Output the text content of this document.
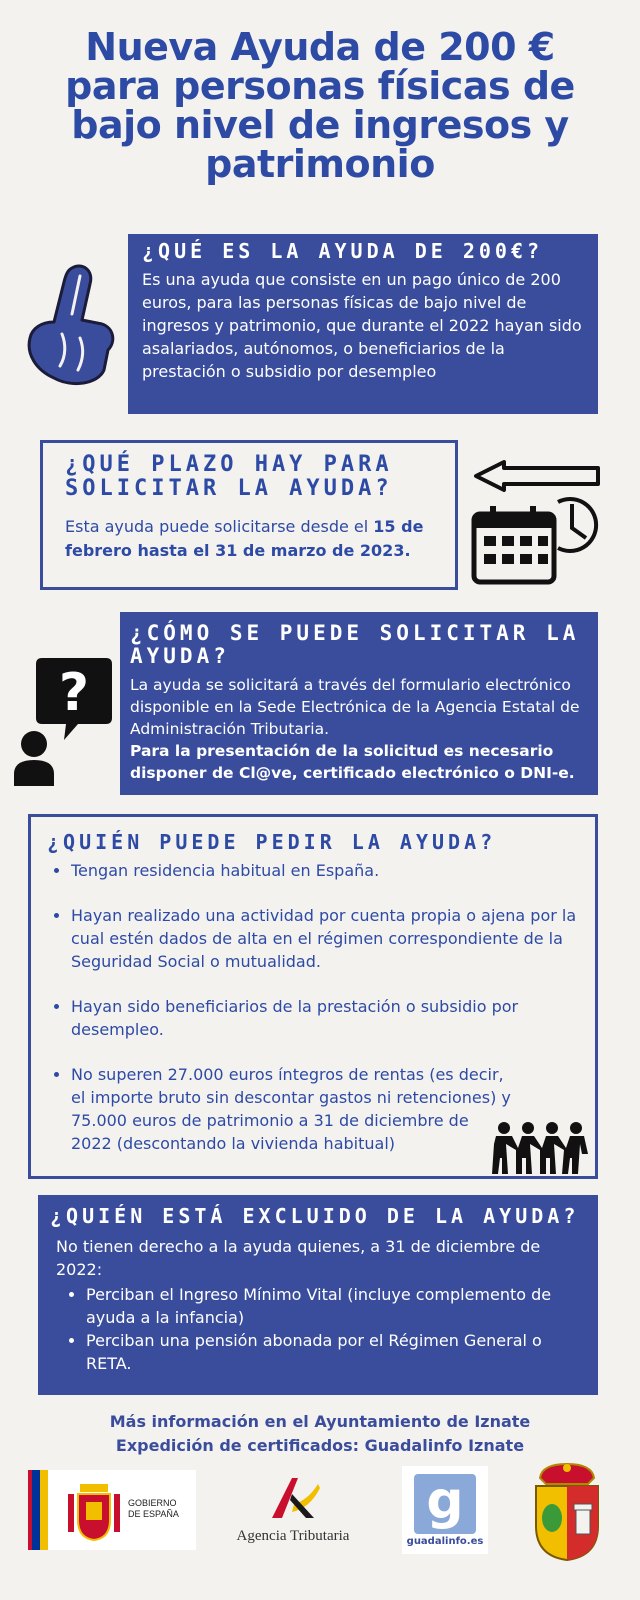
Nueva Ayuda de 200 €
para personas físicas de
bajo nivel de ingresos y
patrimonio
¿QUÉ ES LA AYUDA DE 200€?
Es una ayuda que consiste en un pago único de 200 euros, para las personas físicas de bajo nivel de ingresos y patrimonio, que durante el 2022 hayan sido asalariados, autónomos, o beneficiarios de la prestación o subsidio por desempleo
¿QUÉ PLAZO HAY PARA SOLICITAR LA AYUDA?
Esta ayuda puede solicitarse desde el 15 de febrero hasta el 31 de marzo de 2023.
?
¿CÓMO SE PUEDE SOLICITAR LA AYUDA?
La ayuda se solicitará a través del formulario electrónico disponible en la Sede Electrónica de la Agencia Estatal de Administración Tributaria.
Para la presentación de la solicitud es necesario disponer de Cl@ve, certificado electrónico o DNI-e.
¿QUIÉN PUEDE PEDIR LA AYUDA?
• Tengan residencia habitual en España.
• Hayan realizado una actividad por cuenta propia o ajena por la cual estén dados de alta en el régimen correspondiente de la Seguridad Social o mutualidad.
• Hayan sido beneficiarios de la prestación o subsidio por desempleo.
• No superen 27.000 euros íntegros de rentas (es decir, el importe bruto sin descontar gastos ni retenciones) y 75.000 euros de patrimonio a 31 de diciembre de 2022 (descontando la vivienda habitual)
¿QUIÉN ESTÁ EXCLUIDO DE LA AYUDA?
No tienen derecho a la ayuda quienes, a 31 de diciembre de 2022:
• Perciban el Ingreso Mínimo Vital (incluye complemento de ayuda a la infancia)
• Perciban una pensión abonada por el Régimen General o RETA.
Más información en el Ayuntamiento de Iznate
Expedición de certificados: Guadalinfo Iznate
GOBIERNO
DE ESPAÑA
Agencia Tributaria
g
guadalinfo.es
